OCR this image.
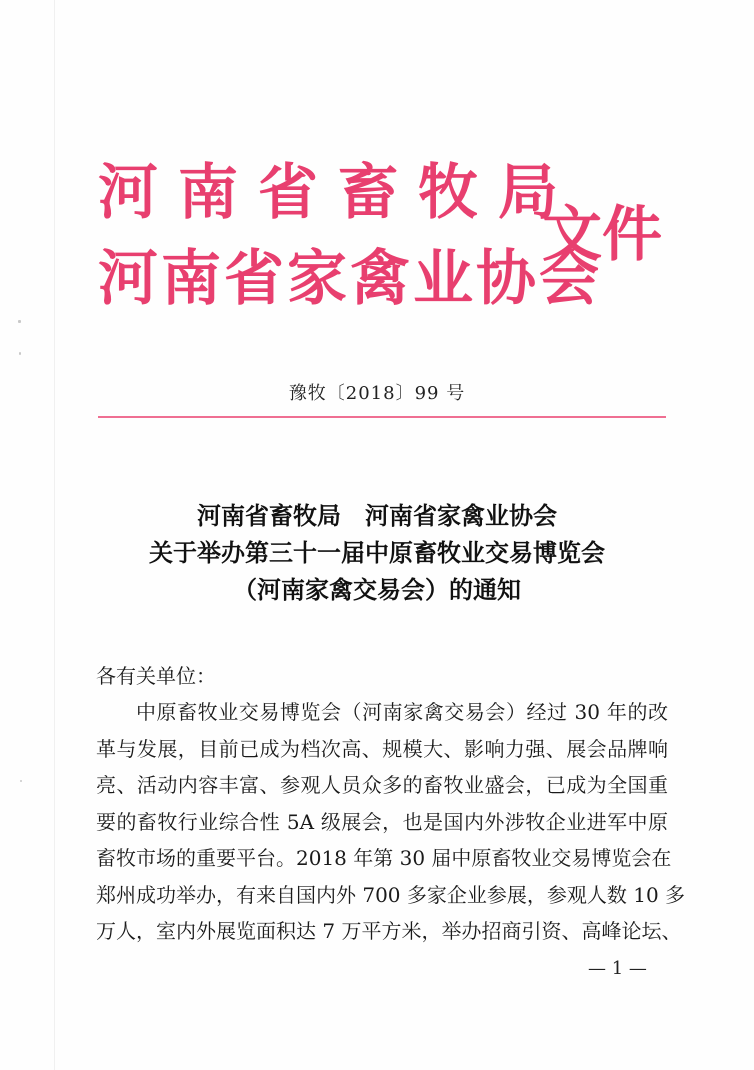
河南省畜牧局
河南省家禽业协会
文件
豫牧〔2018〕99 号
河南省畜牧局　河南省家禽业协会
关于举办第三十一届中原畜牧业交易博览会
（河南家禽交易会）的通知
各有关单位：
中原畜牧业交易博览会（河南家禽交易会）经过 30 年的改
革与发展，目前已成为档次高、规模大、影响力强、展会品牌响
亮、活动内容丰富、参观人员众多的畜牧业盛会，已成为全国重
要的畜牧行业综合性 5A 级展会，也是国内外涉牧企业进军中原
畜牧市场的重要平台。2018 年第 30 届中原畜牧业交易博览会在
郑州成功举办，有来自国内外 700 多家企业参展，参观人数 10 多
万人，室内外展览面积达 7 万平方米，举办招商引资、高峰论坛、
— 1 —
